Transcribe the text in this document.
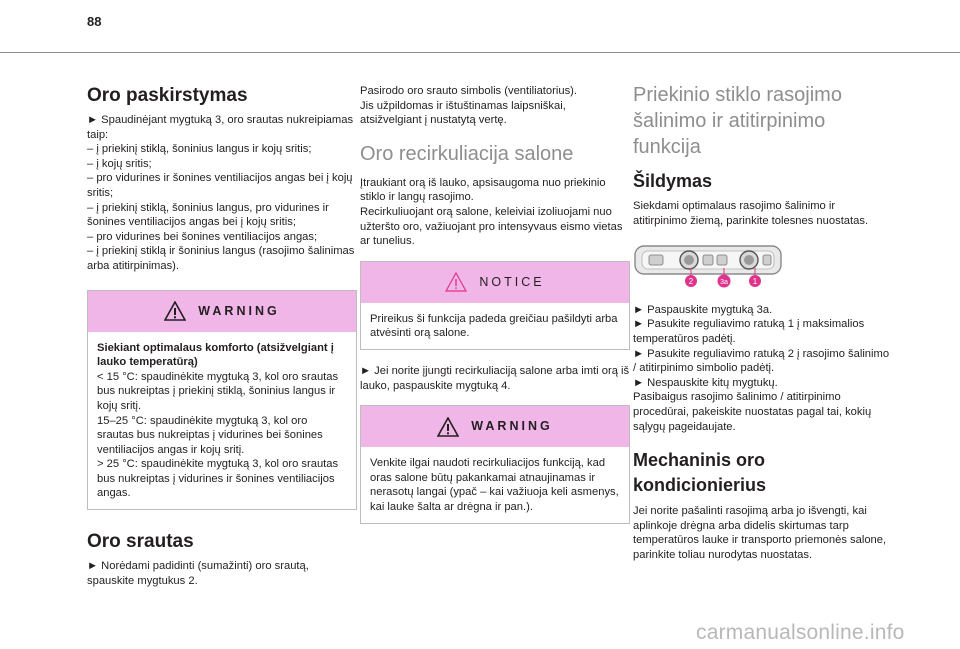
88
Oro paskirstymas

► Spaudinėjant mygtuką 3, oro srautas nukreipiamas taip:

– į priekinį stiklą, šoninius langus ir kojų sritis;
– į kojų sritis;
– pro vidurines ir šonines ventiliacijos angas bei į kojų sritis;
– į priekinį stiklą, šoninius langus, pro vidurines ir šonines ventiliacijos angas bei į kojų sritis;
– pro vidurines bei šonines ventiliacijos angas;
– į priekinį stiklą ir šoninius langus (rasojimo šalinimas arba atitirpinimas).
WARNING

Siekiant optimalaus komforto (atsižvelgiant į lauko temperatūrą)

< 15 °C: spaudinėkite mygtuką 3, kol oro srautas bus nukreiptas į priekinį stiklą, šoninius langus ir kojų sritį.

15–25 °C: spaudinėkite mygtuką 3, kol oro srautas bus nukreiptas į vidurines bei šonines ventiliacijos angas ir kojų sritį.

> 25 °C: spaudinėkite mygtuką 3, kol oro srautas bus nukreiptas į vidurines ir šonines ventiliacijos angas.

Oro srautas

► Norėdami padidinti (sumažinti) oro srautą, spauskite mygtukus 2.

Pasirodo oro srauto simbolis (ventiliatorius).

Jis užpildomas ir ištuštinamas laipsniškai, atsižvelgiant į nustatytą vertę.

Oro recirkuliacija salone

Įtraukiant orą iš lauko, apsisaugoma nuo priekinio stiklo ir langų rasojimo.

Recirkuliuojant orą salone, keleiviai izoliuojami nuo užteršto oro, važiuojant pro intensyvaus eismo vietas ar tunelius.

NOTICE

Prireikus ši funkcija padeda greičiau pašildyti arba atvėsinti orą salone.

► Jei norite įjungti recirkuliaciją salone arba imti orą iš lauko, paspauskite mygtuką 4.

WARNING

Venkite ilgai naudoti recirkuliacijos funkciją, kad oras salone būtų pakankamai atnaujinamas ir nerasotų langai (ypač – kai važiuoja keli asmenys, kai lauke šalta ar drėgna ir pan.).

Priekinio stiklo rasojimo šalinimo ir atitirpinimo funkcija
Šildymas

Siekdami optimalaus rasojimo šalinimo ir atitirpinimo žiemą, parinkite tolesnes nuostatas.

2	3a	1

► Paspauskite mygtuką 3a.

► Pasukite reguliavimo ratuką 1 į maksimalios temperatūros padėtį.

► Pasukite reguliavimo ratuką 2 į rasojimo šalinimo / atitirpinimo simbolio padėtį.

► Nespauskite kitų mygtukų.

Pasibaigus rasojimo šalinimo / atitirpinimo procedūrai, pakeiskite nuostatas pagal tai, kokių sąlygų pageidaujate.

Mechaninis oro kondicionierius

Jei norite pašalinti rasojimą arba jo išvengti, kai aplinkoje drėgna arba didelis skirtumas tarp temperatūros lauke ir transporto priemonės salone, parinkite toliau nurodytas nuostatas.

carmanualsonline.info
